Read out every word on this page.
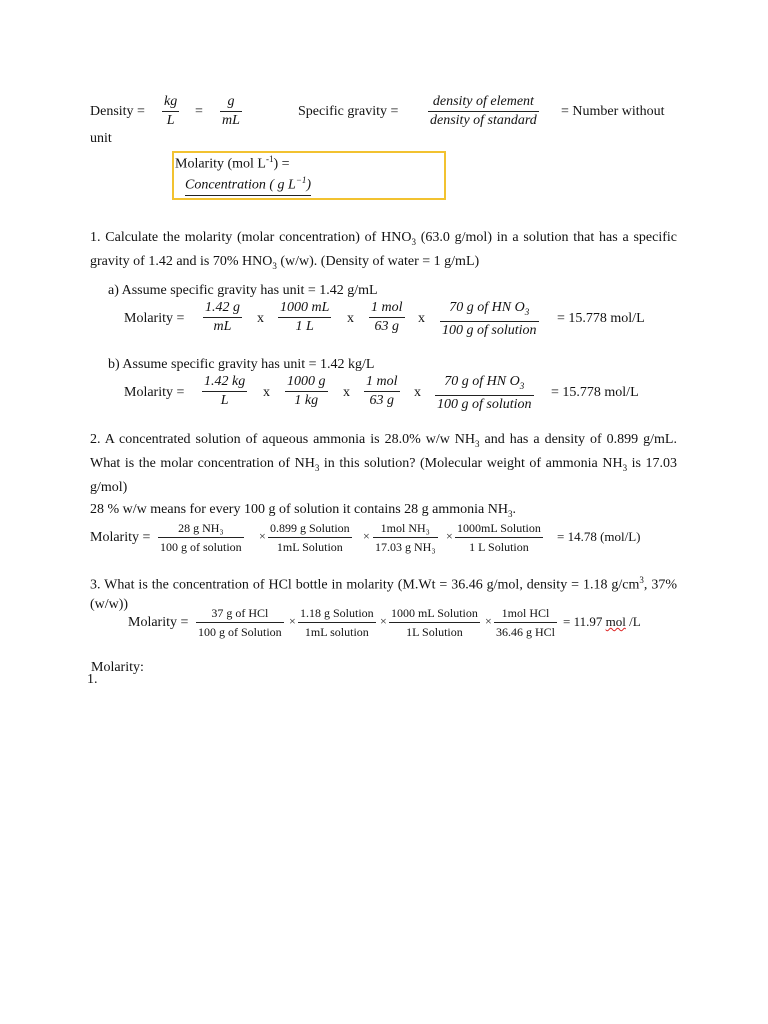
Density =
kg
L
=
g
mL
Specific gravity =
density of element
density of standard
= Number without
unit
Molarity (mol $L^{-1}$) =
Concentration ( g $L^{-1}$)
1. Calculate the molarity (molar concentration) of $HNO_3$ (63.0 g/mol) in a solution that has a specific gravity of 1.42 and is 70% $HNO_3$ (w/w). (Density of water = 1 g/mL)
a) Assume specific gravity has unit = 1.42 g/mL
Molarity =
1.42 g
mL
x
1000 mL
1 L
x
1 mol
63 g
x
70 g of HN $O_3$
100 g of solution
= 15.778 mol/L
b) Assume specific gravity has unit = 1.42 kg/L
Molarity =
1.42 kg
L
x
1000 g
1 kg
x
1 mol
63 g
x
70 g of HN $O_3$
100 g of solution
= 15.778 mol/L
2. A concentrated solution of aqueous ammonia is 28.0% w/w $NH_3$ and has a density of 0.899 g/mL. What is the molar concentration of $NH_3$ in this solution? (Molecular weight of ammonia $NH_3$ is 17.03 g/mol)
28 % w/w means for every 100 g of solution it contains 28 g ammonia $NH_3$.
Molarity =
28 g NH₃
100 g of solution
×
0.899 g Solution
1mL Solution
×
1mol NH₃
17.03 g NH₃
×
1000mL Solution
1 L Solution
= 14.78 (mol/L)
3. What is the concentration of HCl bottle in molarity (M.Wt = 36.46 g/mol, density = 1.18 $g/cm^3$, 37% (w/w))
Molarity =
37 g of HCl
100 g of Solution
×
1.18 g Solution
1mL solution
×
1000 mL Solution
1L Solution
×
1mol HCl
36.46 g HCl
= 11.97 mol /L
Molarity:
1.
